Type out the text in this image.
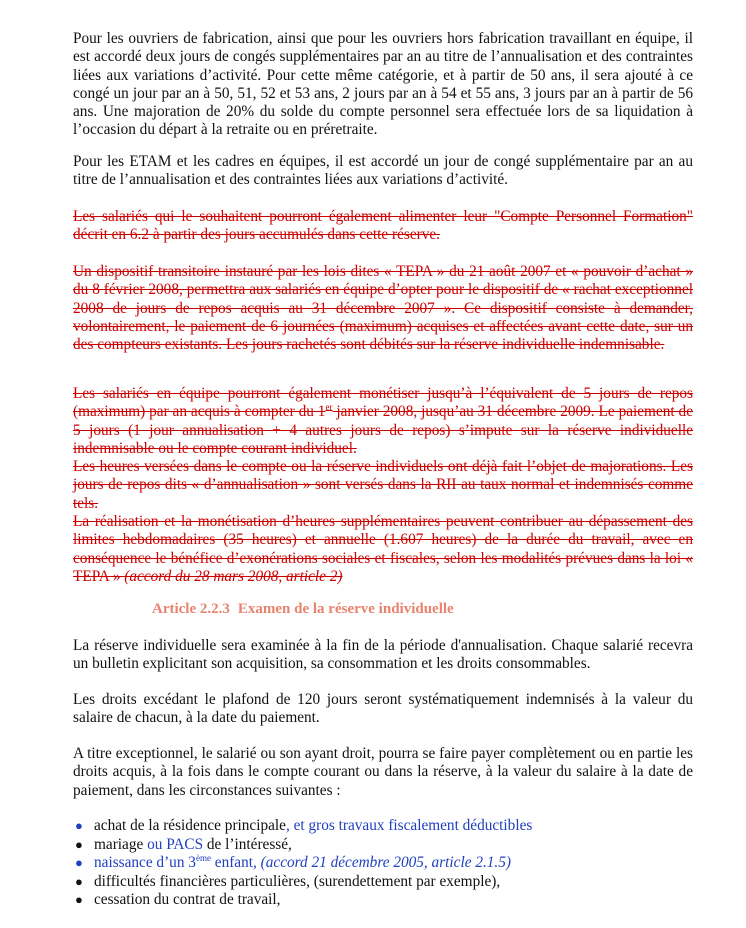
Pour les ouvriers de fabrication, ainsi que pour les ouvriers hors fabrication travaillant en équipe, il est accordé deux jours de congés supplémentaires par an au titre de l’annualisation et des contraintes liées aux variations d’activité. Pour cette même catégorie, et à partir de 50 ans, il sera ajouté à ce congé un jour par an à 50, 51, 52 et 53 ans, 2 jours par an à 54 et 55 ans, 3 jours par an à partir de 56 ans. Une majoration de 20% du solde du compte personnel sera effectuée lors de sa liquidation à l’occasion du départ à la retraite ou en préretraite.

Pour les ETAM et les cadres en équipes, il est accordé un jour de congé supplémentaire par an au titre de l’annualisation et des contraintes liées aux variations d’activité.

Les salariés qui le souhaitent pourront également alimenter leur "Compte Personnel Formation" décrit en 6.2 à partir des jours accumulés dans cette réserve.

Un dispositif transitoire instauré par les lois dites « TEPA » du 21 août 2007 et « pouvoir d’achat » du 8 février 2008, permettra aux salariés en équipe d’opter pour le dispositif de « rachat exceptionnel 2008 de jours de repos acquis au 31 décembre 2007 ». Ce dispositif consiste à demander, volontairement, le paiement de 6 journées (maximum) acquises et affectées avant cette date, sur un des compteurs existants. Les jours rachetés sont débités sur la réserve individuelle indemnisable.

Les salariés en équipe pourront également monétiser jusqu’à l’équivalent de 5 jours de repos (maximum) par an acquis à compter du 1er janvier 2008, jusqu’au 31 décembre 2009. Le paiement de 5 jours (1 jour annualisation + 4 autres jours de repos) s’impute sur la réserve individuelle indemnisable ou le compte courant individuel.

Les heures versées dans le compte ou la réserve individuels ont déjà fait l’objet de majorations. Les jours de repos dits « d’annualisation » sont versés dans la RII au taux normal et indemnisés comme tels.

La réalisation et la monétisation d’heures supplémentaires peuvent contribuer au dépassement des limites hebdomadaires (35 heures) et annuelle (1.607 heures) de la durée du travail, avec en conséquence le bénéfice d’exonérations sociales et fiscales, selon les modalités prévues dans la loi « TEPA » (accord du 28 mars 2008, article 2)

Article 2.2.3 Examen de la réserve individuelle

La réserve individuelle sera examinée à la fin de la période d'annualisation. Chaque salarié recevra un bulletin explicitant son acquisition, sa consommation et les droits consommables.

Les droits excédant le plafond de 120 jours seront systématiquement indemnisés à la valeur du salaire de chacun, à la date du paiement.

A titre exceptionnel, le salarié ou son ayant droit, pourra se faire payer complètement ou en partie les droits acquis, à la fois dans le compte courant ou dans la réserve, à la valeur du salaire à la date de paiement, dans les circonstances suivantes :

● achat de la résidence principale, et gros travaux fiscalement déductibles
● mariage ou PACS de l’intéressé,
● naissance d’un 3ème enfant, (accord 21 décembre 2005, article 2.1.5)
● difficultés financières particulières, (surendettement par exemple),
● cessation du contrat de travail,
